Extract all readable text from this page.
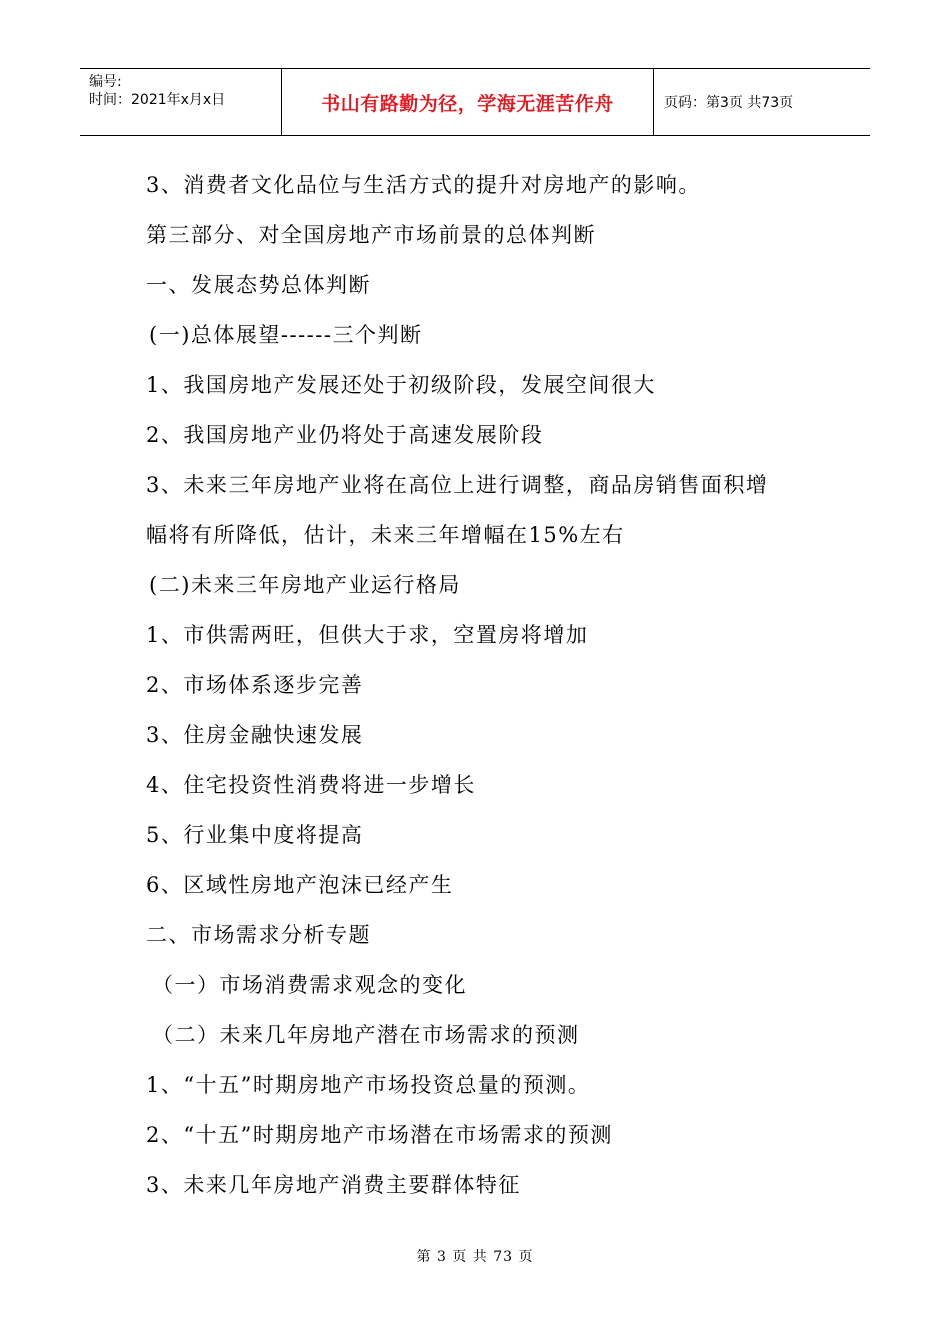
编号:
时间：2021年x月x日	书山有路勤为径，学海无涯苦作舟	页码：第3页 共73页
3、消费者文化品位与生活方式的提升对房地产的影响。
第三部分、对全国房地产市场前景的总体判断
一、发展态势总体判断
(一)总体展望------三个判断
1、我国房地产发展还处于初级阶段，发展空间很大
2、我国房地产业仍将处于高速发展阶段
3、未来三年房地产业将在高位上进行调整，商品房销售面积增
幅将有所降低，估计，未来三年增幅在15%左右
(二)未来三年房地产业运行格局
1、市供需两旺，但供大于求，空置房将增加
2、市场体系逐步完善
3、住房金融快速发展
4、住宅投资性消费将进一步增长
5、行业集中度将提高
6、区域性房地产泡沫已经产生
二、市场需求分析专题
（一）市场消费需求观念的变化
（二）未来几年房地产潜在市场需求的预测
1、“十五”时期房地产市场投资总量的预测。
2、“十五”时期房地产市场潜在市场需求的预测
3、未来几年房地产消费主要群体特征
第 3 页 共 73 页
